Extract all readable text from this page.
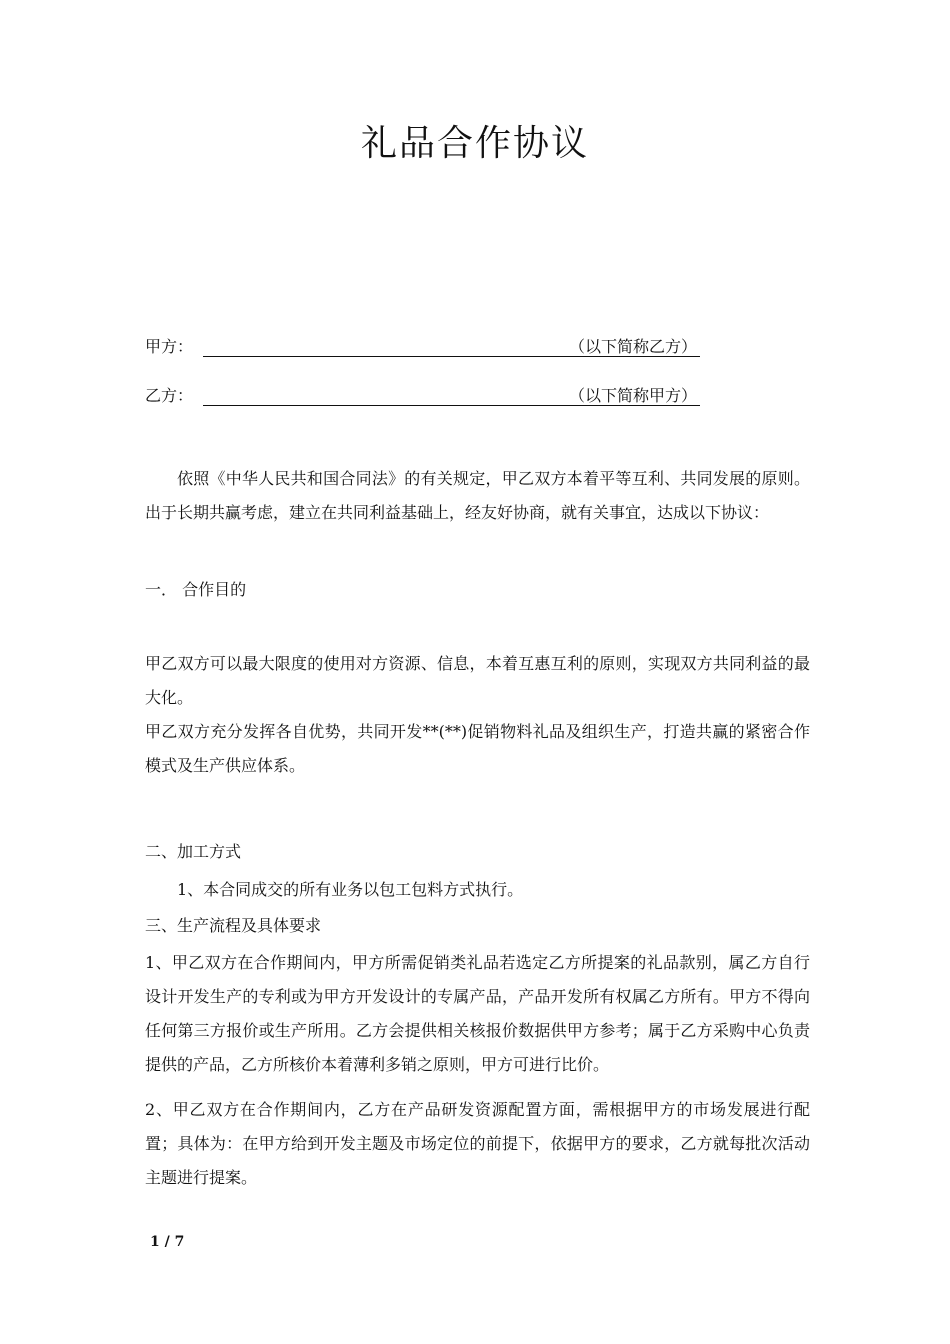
礼品合作协议
甲方：	（以下简称乙方）
乙方：	（以下简称甲方）
依照《中华人民共和国合同法》的有关规定，甲乙双方本着平等互利、共同发展的原则。出于长期共赢考虑，建立在共同利益基础上，经友好协商，就有关事宜，达成以下协议：
一． 合作目的
甲乙双方可以最大限度的使用对方资源、信息，本着互惠互利的原则，实现双方共同利益的最大化。
甲乙双方充分发挥各自优势，共同开发**(**)促销物料礼品及组织生产，打造共赢的紧密合作模式及生产供应体系。
二、加工方式
1、本合同成交的所有业务以包工包料方式执行。
三、生产流程及具体要求
1、甲乙双方在合作期间内，甲方所需促销类礼品若选定乙方所提案的礼品款别，属乙方自行设计开发生产的专利或为甲方开发设计的专属产品，产品开发所有权属乙方所有。甲方不得向任何第三方报价或生产所用。乙方会提供相关核报价数据供甲方参考；属于乙方采购中心负责提供的产品，乙方所核价本着薄利多销之原则，甲方可进行比价。
2、甲乙双方在合作期间内，乙方在产品研发资源配置方面，需根据甲方的市场发展进行配置；具体为：在甲方给到开发主题及市场定位的前提下，依据甲方的要求，乙方就每批次活动主题进行提案。
1 / 7
